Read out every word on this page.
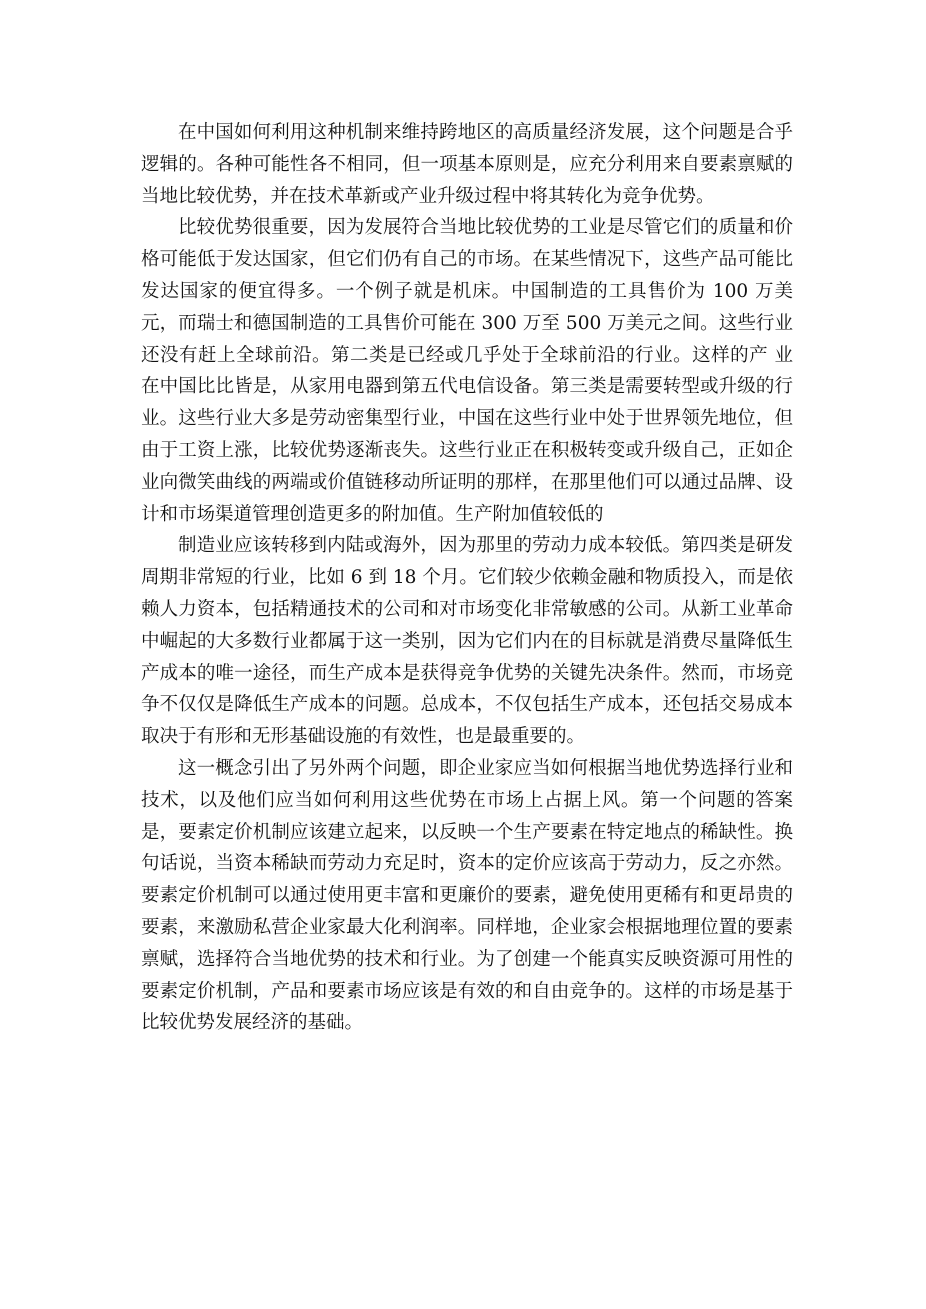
在中国如何利用这种机制来维持跨地区的高质量经济发展，这个问题是合乎逻辑的。各种可能性各不相同，但一项基本原则是，应充分利用来自要素禀赋的当地比较优势，并在技术革新或产业升级过程中将其转化为竞争优势。

比较优势很重要，因为发展符合当地比较优势的工业是尽管它们的质量和价格可能低于发达国家，但它们仍有自己的市场。在某些情况下，这些产品可能比发达国家的便宜得多。一个例子就是机床。中国制造的工具售价为 100 万美元，而瑞士和德国制造的工具售价可能在 300 万至 500 万美元之间。这些行业还没有赶上全球前沿。第二类是已经或几乎处于全球前沿的行业。这样的产 业在中国比比皆是，从家用电器到第五代电信设备。第三类是需要转型或升级的行业。这些行业大多是劳动密集型行业，中国在这些行业中处于世界领先地位，但由于工资上涨，比较优势逐渐丧失。这些行业正在积极转变或升级自己，正如企业向微笑曲线的两端或价值链移动所证明的那样，在那里他们可以通过品牌、设计和市场渠道管理创造更多的附加值。生产附加值较低的

制造业应该转移到内陆或海外，因为那里的劳动力成本较低。第四类是研发周期非常短的行业，比如 6 到 18 个月。它们较少依赖金融和物质投入，而是依赖人力资本，包括精通技术的公司和对市场变化非常敏感的公司。从新工业革命中崛起的大多数行业都属于这一类别，因为它们内在的目标就是消费尽量降低生产成本的唯一途径，而生产成本是获得竞争优势的关键先决条件。然而，市场竞争不仅仅是降低生产成本的问题。总成本，不仅包括生产成本，还包括交易成本取决于有形和无形基础设施的有效性，也是最重要的。

这一概念引出了另外两个问题，即企业家应当如何根据当地优势选择行业和技术，以及他们应当如何利用这些优势在市场上占据上风。第一个问题的答案是，要素定价机制应该建立起来，以反映一个生产要素在特定地点的稀缺性。换句话说，当资本稀缺而劳动力充足时，资本的定价应该高于劳动力，反之亦然。要素定价机制可以通过使用更丰富和更廉价的要素，避免使用更稀有和更昂贵的要素，来激励私营企业家最大化利润率。同样地，企业家会根据地理位置的要素禀赋，选择符合当地优势的技术和行业。为了创建一个能真实反映资源可用性的要素定价机制，产品和要素市场应该是有效的和自由竞争的。这样的市场是基于比较优势发展经济的基础。
